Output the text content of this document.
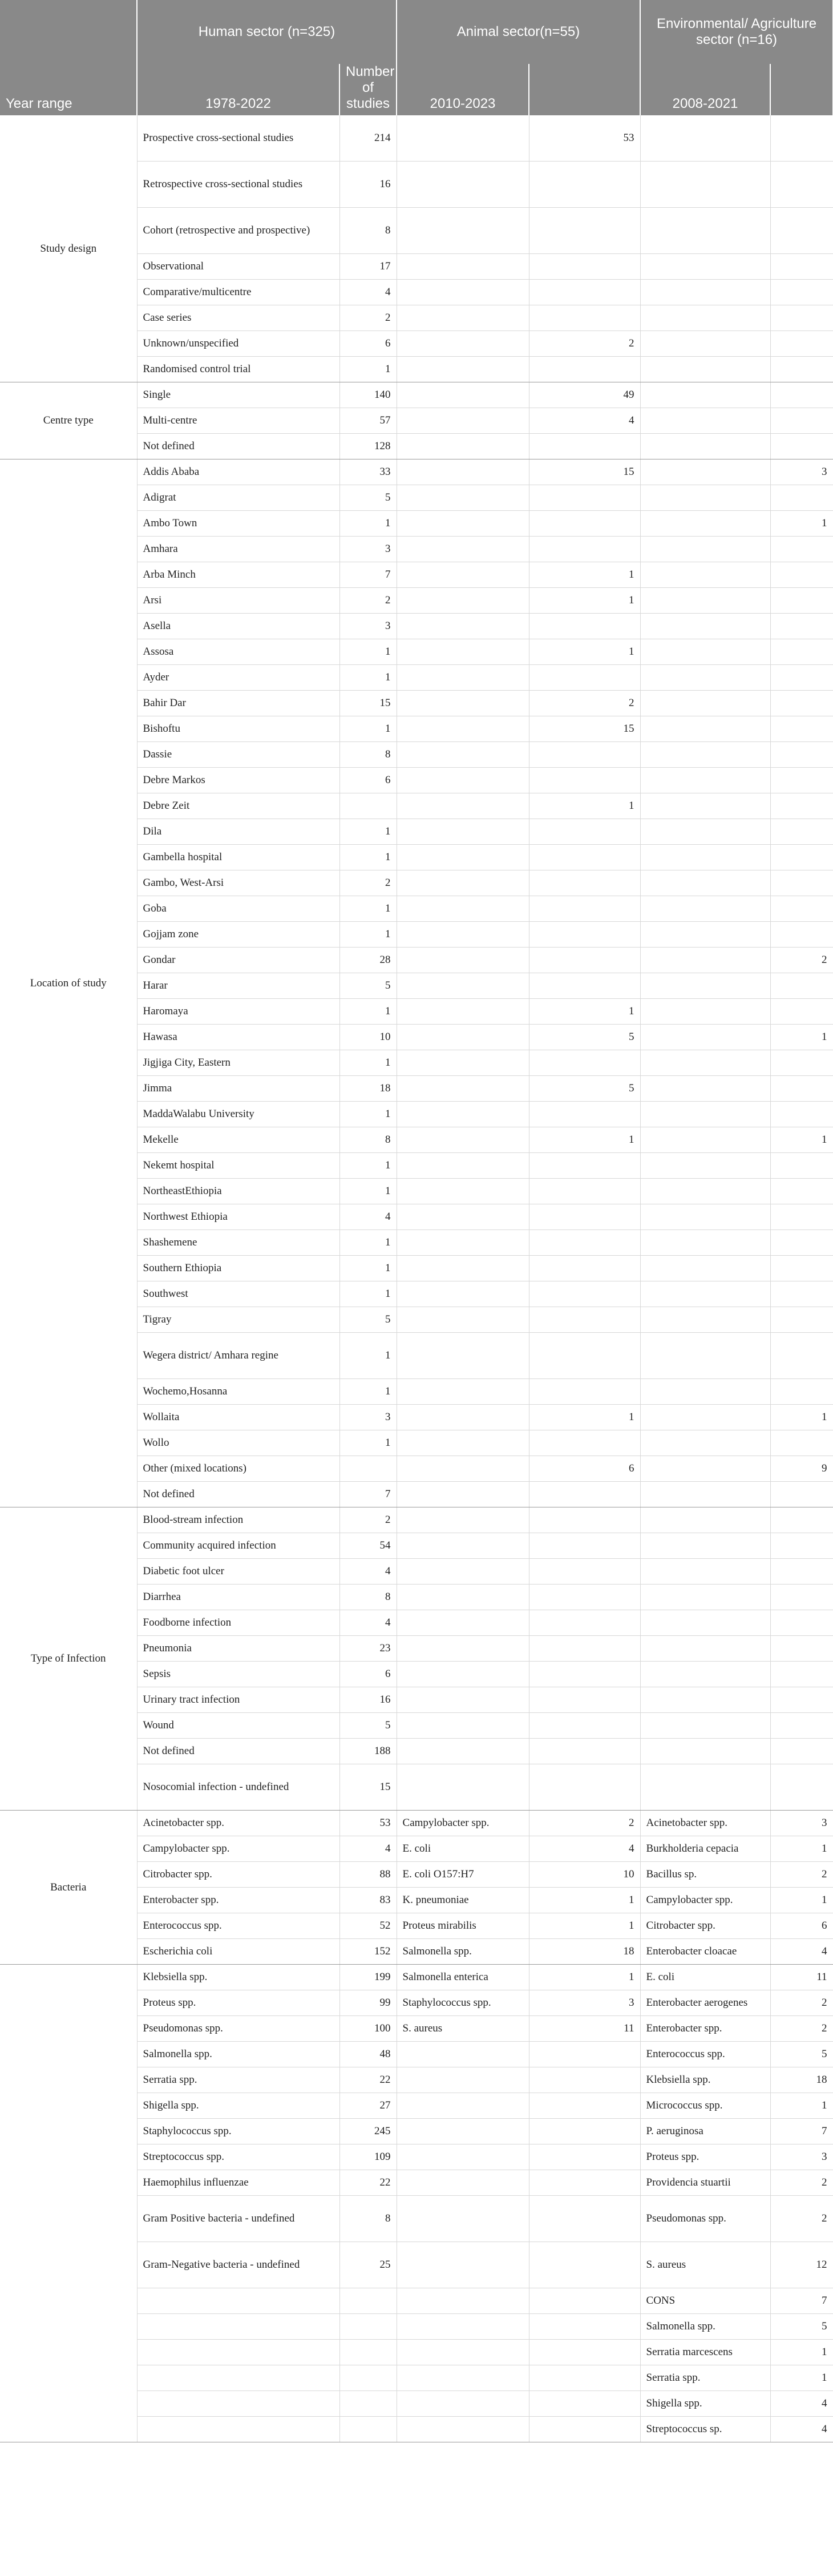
	Human sector (n=325)		Animal sector(n=55)		Environmental/ Agriculture sector (n=16)	
Year range	1978-2022	Number of studies	2010-2023		2008-2021	
Study design	Prospective cross-sectional studies	214		53		
	Retrospective cross-sectional studies	16				
	Cohort (retrospective and prospective)	8				
	Observational	17				
	Comparative/multicentre	4				
	Case series	2				
	Unknown/unspecified	6		2		
	Randomised control trial	1				
Centre type	Single	140		49		
	Multi-centre	57		4		
	Not defined	128				
Location of study	Addis Ababa	33		15		3
	Adigrat	5				
	Ambo Town	1				1
	Amhara	3				
	Arba Minch	7		1		
	Arsi	2		1		
	Asella	3				
	Assosa	1		1		
	Ayder	1				
	Bahir Dar	15		2		
	Bishoftu	1		15		
	Dassie	8				
	Debre Markos	6				
	Debre Zeit			1		
	Dila	1				
	Gambella hospital	1				
	Gambo, West-Arsi	2				
	Goba	1				
	Gojjam zone	1				
	Gondar	28				2
	Harar	5				
	Haromaya	1		1		
	Hawasa	10		5		1
	Jigjiga City, Eastern	1				
	Jimma	18		5		
	MaddaWalabu University	1				
	Mekelle	8		1		1
	Nekemt hospital	1				
	NortheastEthiopia	1				
	Northwest Ethiopia	4				
	Shashemene	1				
	Southern Ethiopia	1				
	Southwest	1				
	Tigray	5				
	Wegera district/ Amhara regine	1				
	Wochemo,Hosanna	1				
	Wollaita	3		1		1
	Wollo	1				
	Other (mixed locations)			6		9
	Not defined	7				
Type of Infection	Blood-stream infection	2				
	Community acquired infection	54				
	Diabetic foot ulcer	4				
	Diarrhea	8				
	Foodborne infection	4				
	Pneumonia	23				
	Sepsis	6				
	Urinary tract infection	16				
	Wound	5				
	Not defined	188				
	Nosocomial infection - undefined	15				
Bacteria	Acinetobacter spp.	53	Campylobacter spp.	2	Acinetobacter spp.	3
	Campylobacter spp.	4	E. coli	4	Burkholderia cepacia	1
	Citrobacter spp.	88	E. coli O157:H7	10	Bacillus sp.	2
	Enterobacter spp.	83	K. pneumoniae	1	Campylobacter spp.	1
	Enterococcus spp.	52	Proteus mirabilis	1	Citrobacter spp.	6
	Escherichia coli	152	Salmonella spp.	18	Enterobacter cloacae	4
	Klebsiella spp.	199	Salmonella enterica	1	E. coli	11
	Proteus spp.	99	Staphylococcus spp.	3	Enterobacter aerogenes	2
	Pseudomonas spp.	100	S. aureus	11	Enterobacter spp.	2
	Salmonella spp.	48			Enterococcus spp.	5
	Serratia spp.	22			Klebsiella spp.	18
	Shigella spp.	27			Micrococcus spp.	1
	Staphylococcus spp.	245			P. aeruginosa	7
	Streptococcus spp.	109			Proteus spp.	3
	Haemophilus influenzae	22			Providencia stuartii	2
	Gram Positive bacteria - undefined	8			Pseudomonas spp.	2
	Gram-Negative bacteria - undefined	25			S. aureus	12
					CONS	7
					Salmonella spp.	5
					Serratia marcescens	1
					Serratia spp.	1
					Shigella spp.	4
					Streptococcus sp.	4
